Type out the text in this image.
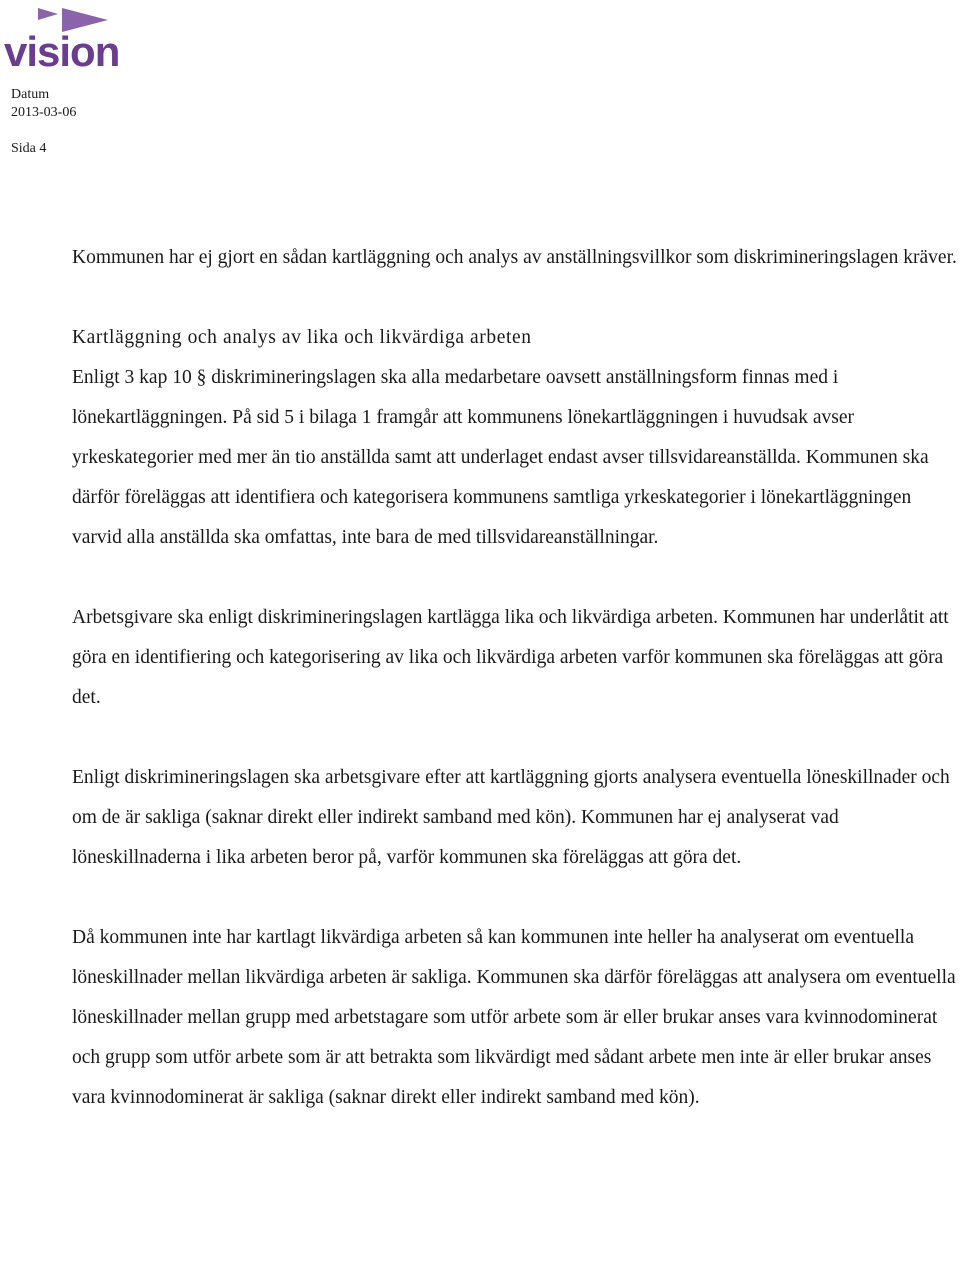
vision
Datum
2013-03-06
Sida 4

Kommunen har ej gjort en sådan kartläggning och analys av anställningsvillkor som diskrimineringslagen kräver.

Kartläggning och analys av lika och likvärdiga arbeten

Enligt 3 kap 10 § diskrimineringslagen ska alla medarbetare oavsett anställningsform finnas med i lönekartläggningen. På sid 5 i bilaga 1 framgår att kommunens lönekartläggningen i huvudsak avser yrkeskategorier med mer än tio anställda samt att underlaget endast avser tillsvidareanställda. Kommunen ska därför föreläggas att identifiera och kategorisera kommunens samtliga yrkeskategorier i lönekartläggningen varvid alla anställda ska omfattas, inte bara de med tillsvidareanställningar.

Arbetsgivare ska enligt diskrimineringslagen kartlägga lika och likvärdiga arbeten. Kommunen har underlåtit att göra en identifiering och kategorisering av lika och likvärdiga arbeten varför kommunen ska föreläggas att göra det.

Enligt diskrimineringslagen ska arbetsgivare efter att kartläggning gjorts analysera eventuella löneskillnader och om de är sakliga (saknar direkt eller indirekt samband med kön). Kommunen har ej analyserat vad löneskillnaderna i lika arbeten beror på, varför kommunen ska föreläggas att göra det.

Då kommunen inte har kartlagt likvärdiga arbeten så kan kommunen inte heller ha analyserat om eventuella löneskillnader mellan likvärdiga arbeten är sakliga. Kommunen ska därför föreläggas att analysera om eventuella löneskillnader mellan grupp med arbetstagare som utför arbete som är eller brukar anses vara kvinnodominerat och grupp som utför arbete som är att betrakta som likvärdigt med sådant arbete men inte är eller brukar anses vara kvinnodominerat är sakliga (saknar direkt eller indirekt samband med kön).
